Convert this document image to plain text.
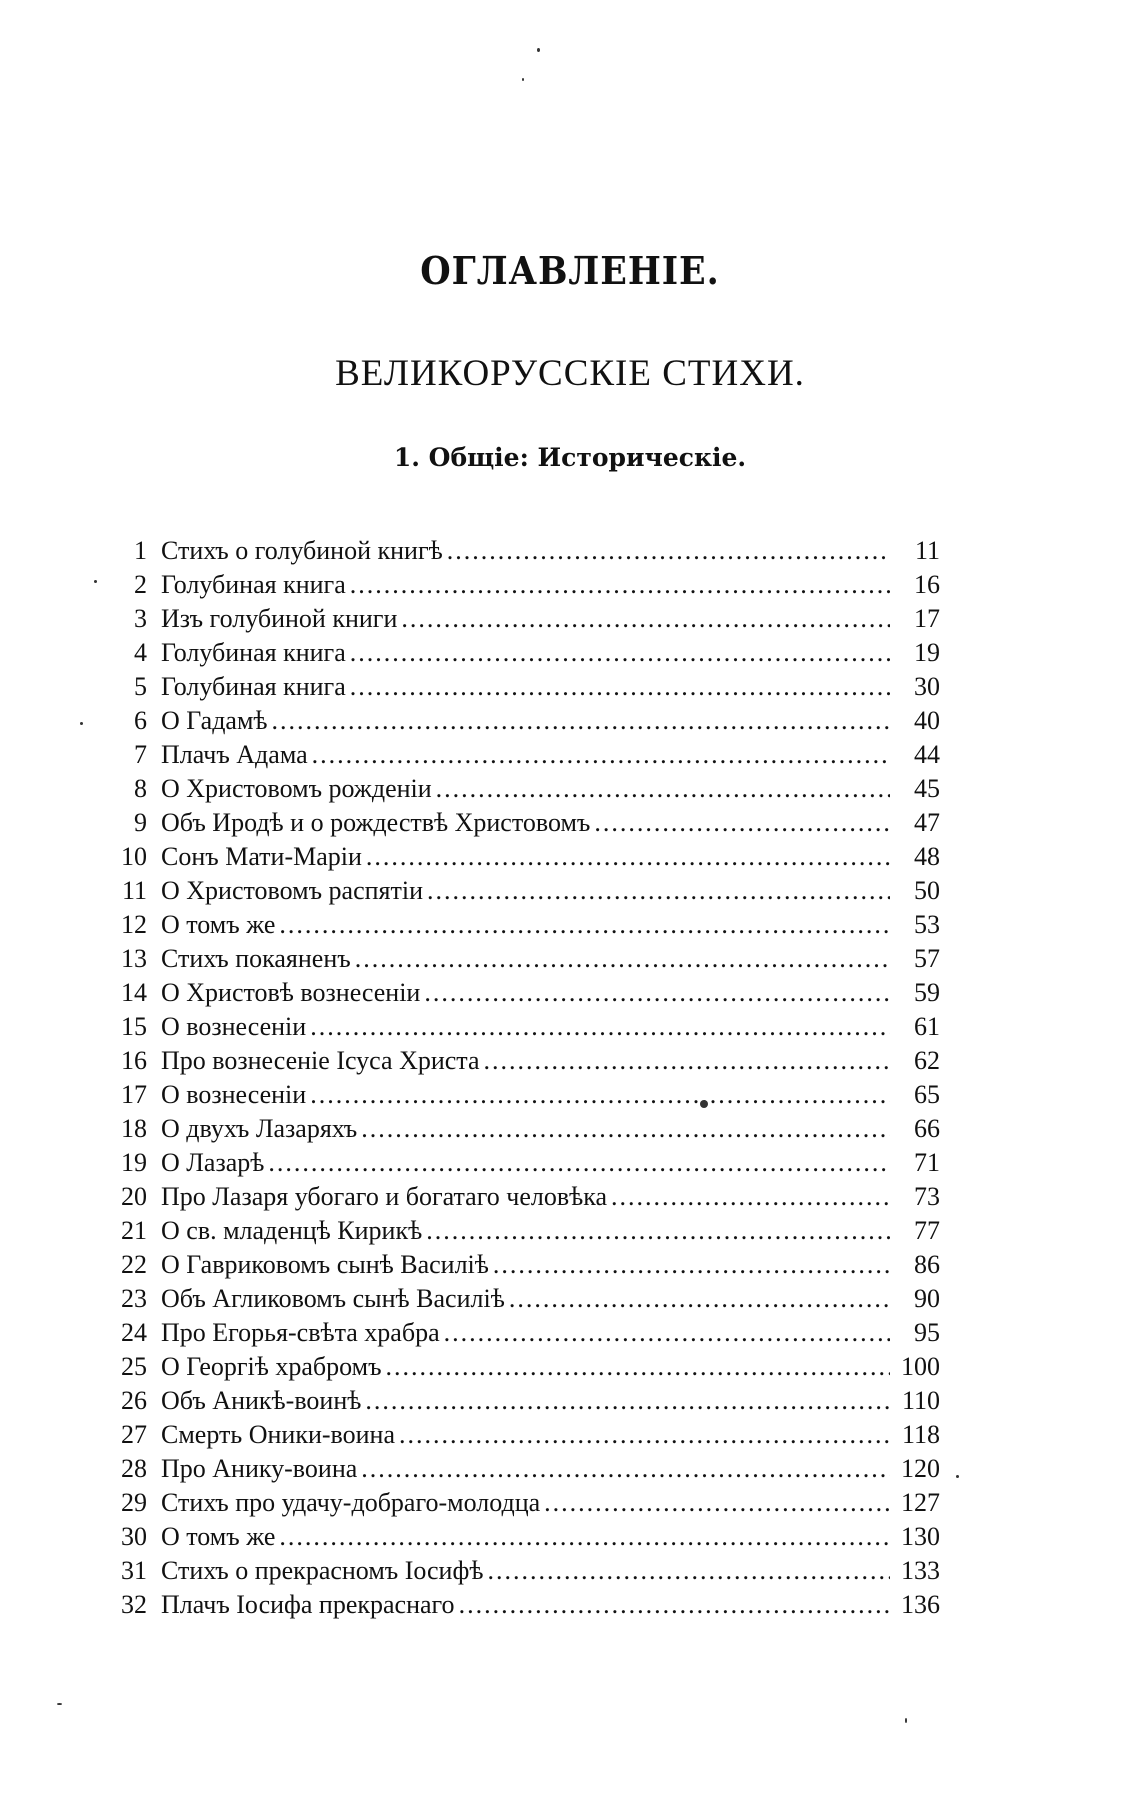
ОГЛАВЛЕНІЕ.
ВЕЛИКОРУССКІЕ СТИХИ.
1. Общіе: Историческіе.
1 Стихъ о голубиной книгѣ .....	11
2 Голубиная книга .....	16
3 Изъ голубиной книги .....	17
4 Голубиная книга .....	19
5 Голубиная книга .....	30
6 О Гадамѣ .....	40
7 Плачъ Адама .....	44
8 О Христовомъ рожденіи .....	45
9 Объ Иродѣ и о рождествѣ Христовомъ .....	47
10 Сонъ Мати-Маріи .....	48
11 О Христовомъ распятіи .....	50
12 О томъ же .....	53
13 Стихъ покаяненъ .....	57
14 О Христовѣ вознесеніи .....	59
15 О вознесеніи .....	61
16 Про вознесеніе Ісуса Христа .....	62
17 О вознесеніи .....	65
18 О двухъ Лазаряхъ .....	66
19 О Лазарѣ .....	71
20 Про Лазаря убогаго и богатаго человѣка .....	73
21 О св. младенцѣ Кирикѣ .....	77
22 О Гавриковомъ сынѣ Василіѣ .....	86
23 Объ Агликовомъ сынѣ Василіѣ .....	90
24 Про Егорья-свѣта храбра .....	95
25 О Георгіѣ храбромъ .....	100
26 Объ Аникѣ-воинѣ .....	110
27 Смерть Оники-воина .....	118
28 Про Анику-воина .....	120
29 Стихъ про удачу-добраго-молодца .....	127
30 О томъ же .....	130
31 Стихъ о прекрасномъ Іосифѣ .....	133
32 Плачъ Іосифа прекраснаго .....	136
